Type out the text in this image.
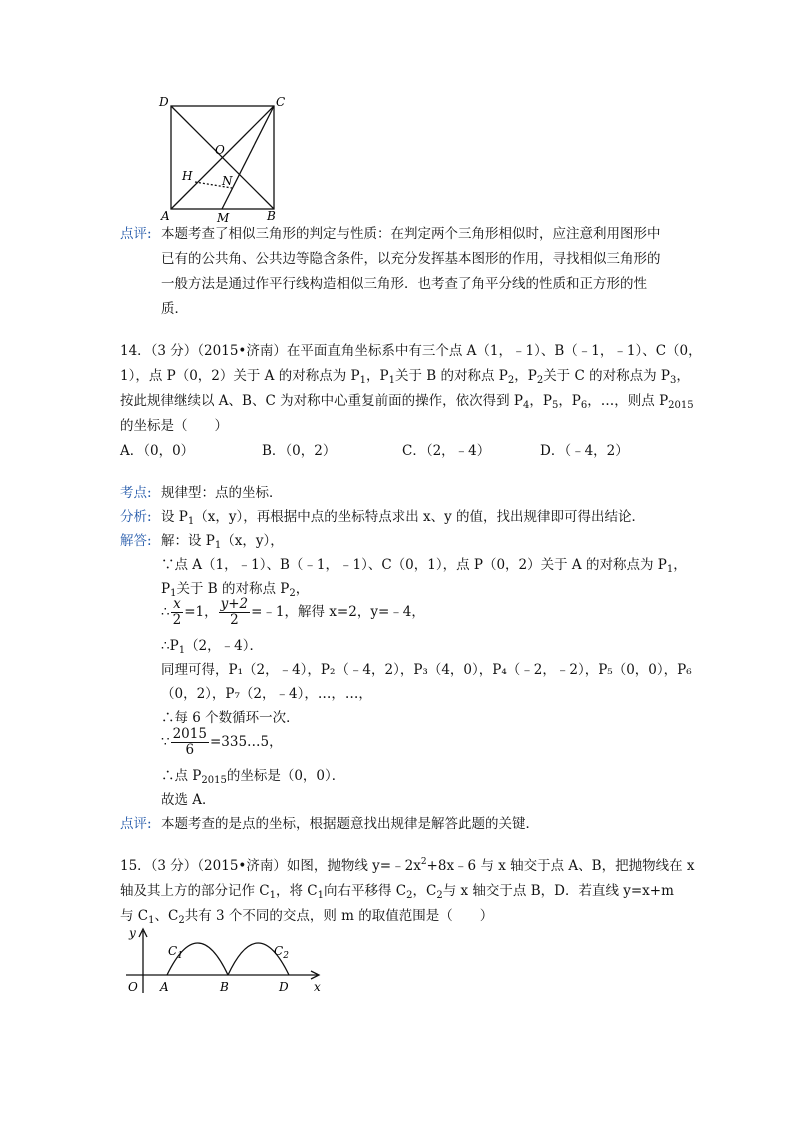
D	C
O
H N
A	M	B
点评: 本题考查了相似三角形的判定与性质：在判定两个三角形相似时，应注意利用图形中
已有的公共角、公共边等隐含条件，以充分发挥基本图形的作用，寻找相似三角形的
一般方法是通过作平行线构造相似三角形．也考查了角平分线的性质和正方形的性
质．
14．（3 分）（2015•济南）在平面直角坐标系中有三个点 A（1，﹣1）、B（﹣1，﹣1）、C（0，
1），点 P（0，2）关于 A 的对称点为 $P_1$，$P_1$关于 B 的对称点 $P_2$，$P_2$关于 C 的对称点为 $P_3$，
按此规律继续以 A、B、C 为对称中心重复前面的操作，依次得到 $P_4$，$P_5$，$P_6$，…，则点 $P_{2015}$
的坐标是（　　）
A．（0，0）	B．（0，2）	C．（2，﹣4）	D．（﹣4，2）
考点: 规律型：点的坐标．
分析: 设 $P_1(x$，y），再根据中点的坐标特点求出 x、y 的值，找出规律即可得出结论．
解答: 解：设 $P_1(x$，y），
∵点 A（1，﹣1）、B（﹣1，﹣1）、C（0，1），点 P（0，2）关于 A 的对称点为 $P_1$，
$P_1$关于 B 的对称点 $P_2$，
∴ $\frac{x}{2} =1$， $\frac{y+2}{2}$ =﹣1，解得 x=2，y=﹣4，
$\therefore P_1(2$，﹣4）．
同理可得，P₁（2，﹣4），P₂（﹣4，2），P₃（4，0），P₄（﹣2，﹣2），P₅（0，0），P₆
（0，2），P₇（2，﹣4），…，…，
∴每 6 个数循环一次．
∵ $\frac{2015}{6}$ =335…5，
∴点 $P_{2015}$的坐标是（0，0）．
故选 A．
点评: 本题考查的是点的坐标，根据题意找出规律是解答此题的关键．
15．（3 分）（2015•济南）如图，抛物线 $y=﹣2x^2+8x﹣6$ 与 x 轴交于点 A、B，把抛物线在 x
轴及其上方的部分记作 $C_1$，将 $C_1$向右平移得 $C_2$，$C_2$与 x 轴交于点 B，D．若直线 y=x+m
与 $C_1$、$C_2$共有 3 个不同的交点，则 m 的取值范围是（　　）
y
x
O A	B	D
$C_1$	$C_2$
